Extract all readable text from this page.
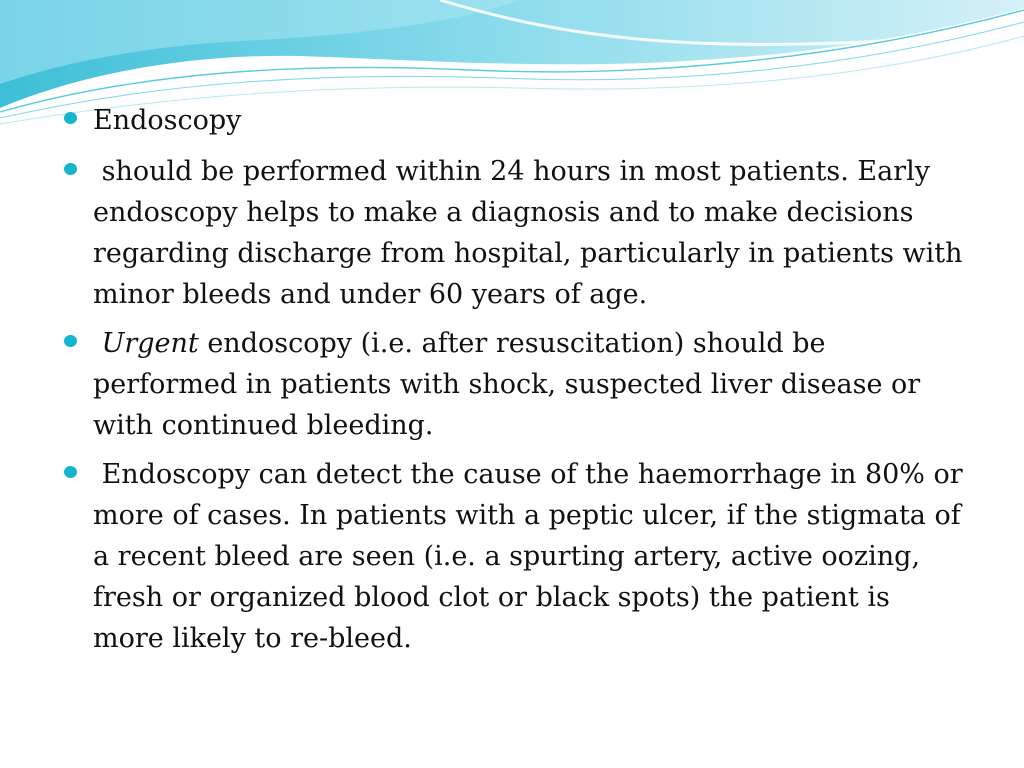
Endoscopy
should be performed within 24 hours in most patients. Early endoscopy helps to make a diagnosis and to make decisions regarding discharge from hospital, particularly in patients with minor bleeds and under 60 years of age.
Urgent endoscopy (i.e. after resuscitation) should be performed in patients with shock, suspected liver disease or with continued bleeding.
Endoscopy can detect the cause of the haemorrhage in 80% or more of cases. In patients with a peptic ulcer, if the stigmata of a recent bleed are seen (i.e. a spurting artery, active oozing, fresh or organized blood clot or black spots) the patient is more likely to re-bleed.
